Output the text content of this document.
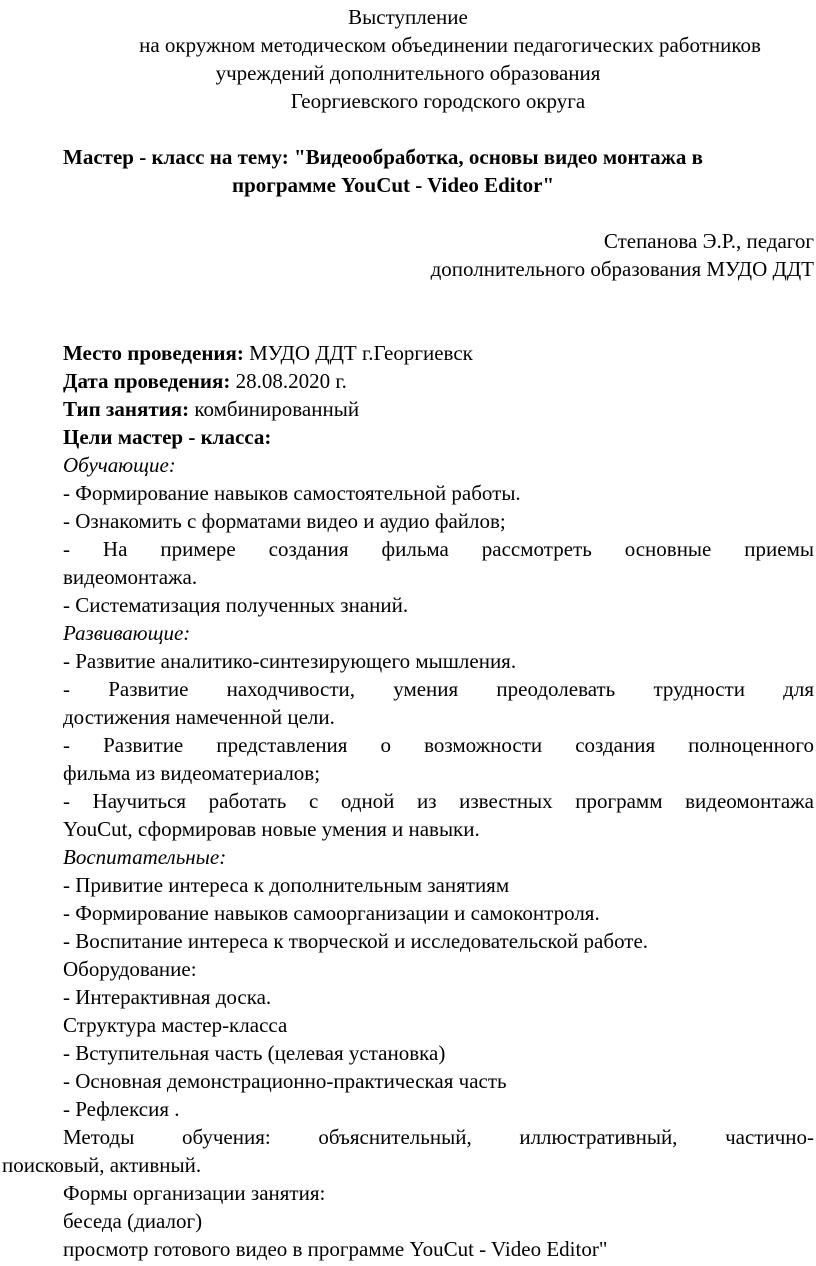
Выступление
на окружном методическом объединении педагогических работников
учреждений дополнительного образования
Георгиевского городского округа
Мастер - класс на тему: "Видеообработка, основы видео монтажа в
программе YouCut - Video Editor"
Степанова Э.Р., педагог
дополнительного образования МУДО ДДТ
Место проведения: МУДО ДДТ г.Георгиевск
Дата проведения: 28.08.2020 г.
Тип занятия: комбинированный
Цели мастер - класса:
Обучающие:
- Формирование навыков самостоятельной работы.
- Ознакомить с форматами видео и аудио файлов;
- На примере создания фильма рассмотреть основные приемы
видеомонтажа.
- Систематизация полученных знаний.
Развивающие:
- Развитие аналитико-синтезирующего мышления.
- Развитие находчивости, умения преодолевать трудности для
достижения намеченной цели.
- Развитие представления о возможности создания полноценного
фильма из видеоматериалов;
- Научиться работать с одной из известных программ видеомонтажа
YouCut, сформировав новые умения и навыки.
Воспитательные:
- Привитие интереса к дополнительным занятиям
- Формирование навыков самоорганизации и самоконтроля.
- Воспитание интереса к творческой и исследовательской работе.
Оборудование:
- Интерактивная доска.
Структура мастер-класса
- Вступительная часть (целевая установка)
- Основная демонстрационно-практическая часть
- Рефлексия .
Методы обучения: объяснительный, иллюстративный, частично-
поисковый, активный.
Формы организации занятия:
беседа (диалог)
просмотр готового видео в программе YouCut - Video Editor"
